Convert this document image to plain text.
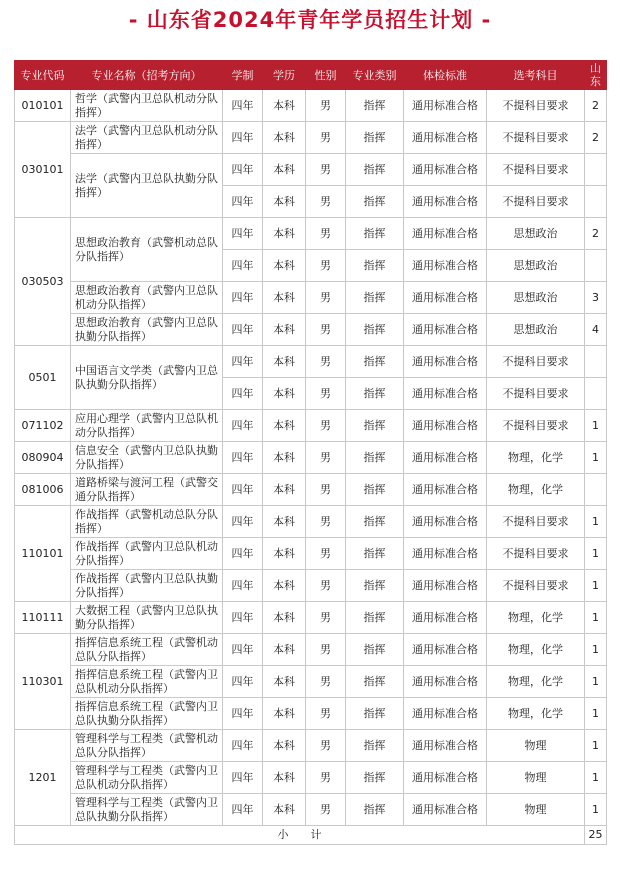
- 山东省2024年青年学员招生计划 -
专业代码	专业名称（招考方向）	学制	学历	性别	专业类别	体检标准	选考科目	山东
010101	哲学（武警内卫总队机动分队指挥）	四年	本科	男	指挥	通用标准合格	不提科目要求	2
030101	法学（武警内卫总队机动分队指挥）	四年	本科	男	指挥	通用标准合格	不提科目要求	2
	法学（武警内卫总队执勤分队指挥）	四年	本科	男	指挥	通用标准合格	不提科目要求	
		四年	本科	男	指挥	通用标准合格	不提科目要求	
030503	思想政治教育（武警机动总队分队指挥）	四年	本科	男	指挥	通用标准合格	思想政治	2
		四年	本科	男	指挥	通用标准合格	思想政治	
	思想政治教育（武警内卫总队机动分队指挥）	四年	本科	男	指挥	通用标准合格	思想政治	3
	思想政治教育（武警内卫总队执勤分队指挥）	四年	本科	男	指挥	通用标准合格	思想政治	4
0501	中国语言文学类（武警内卫总队执勤分队指挥）	四年	本科	男	指挥	通用标准合格	不提科目要求	
		四年	本科	男	指挥	通用标准合格	不提科目要求	
071102	应用心理学（武警内卫总队机动分队指挥）	四年	本科	男	指挥	通用标准合格	不提科目要求	1
080904	信息安全（武警内卫总队执勤分队指挥）	四年	本科	男	指挥	通用标准合格	物理，化学	1
081006	道路桥梁与渡河工程（武警交通分队指挥）	四年	本科	男	指挥	通用标准合格	物理，化学	
110101	作战指挥（武警机动总队分队指挥）	四年	本科	男	指挥	通用标准合格	不提科目要求	1
	作战指挥（武警内卫总队机动分队指挥）	四年	本科	男	指挥	通用标准合格	不提科目要求	1
	作战指挥（武警内卫总队执勤分队指挥）	四年	本科	男	指挥	通用标准合格	不提科目要求	1
110111	大数据工程（武警内卫总队执勤分队指挥）	四年	本科	男	指挥	通用标准合格	物理，化学	1
110301	指挥信息系统工程（武警机动总队分队指挥）	四年	本科	男	指挥	通用标准合格	物理，化学	1
	指挥信息系统工程（武警内卫总队机动分队指挥）	四年	本科	男	指挥	通用标准合格	物理，化学	1
	指挥信息系统工程（武警内卫总队执勤分队指挥）	四年	本科	男	指挥	通用标准合格	物理，化学	1
1201	管理科学与工程类（武警机动总队分队指挥）	四年	本科	男	指挥	通用标准合格	物理	1
	管理科学与工程类（武警内卫总队机动分队指挥）	四年	本科	男	指挥	通用标准合格	物理	1
	管理科学与工程类（武警内卫总队执勤分队指挥）	四年	本科	男	指挥	通用标准合格	物理	1
小计								25
